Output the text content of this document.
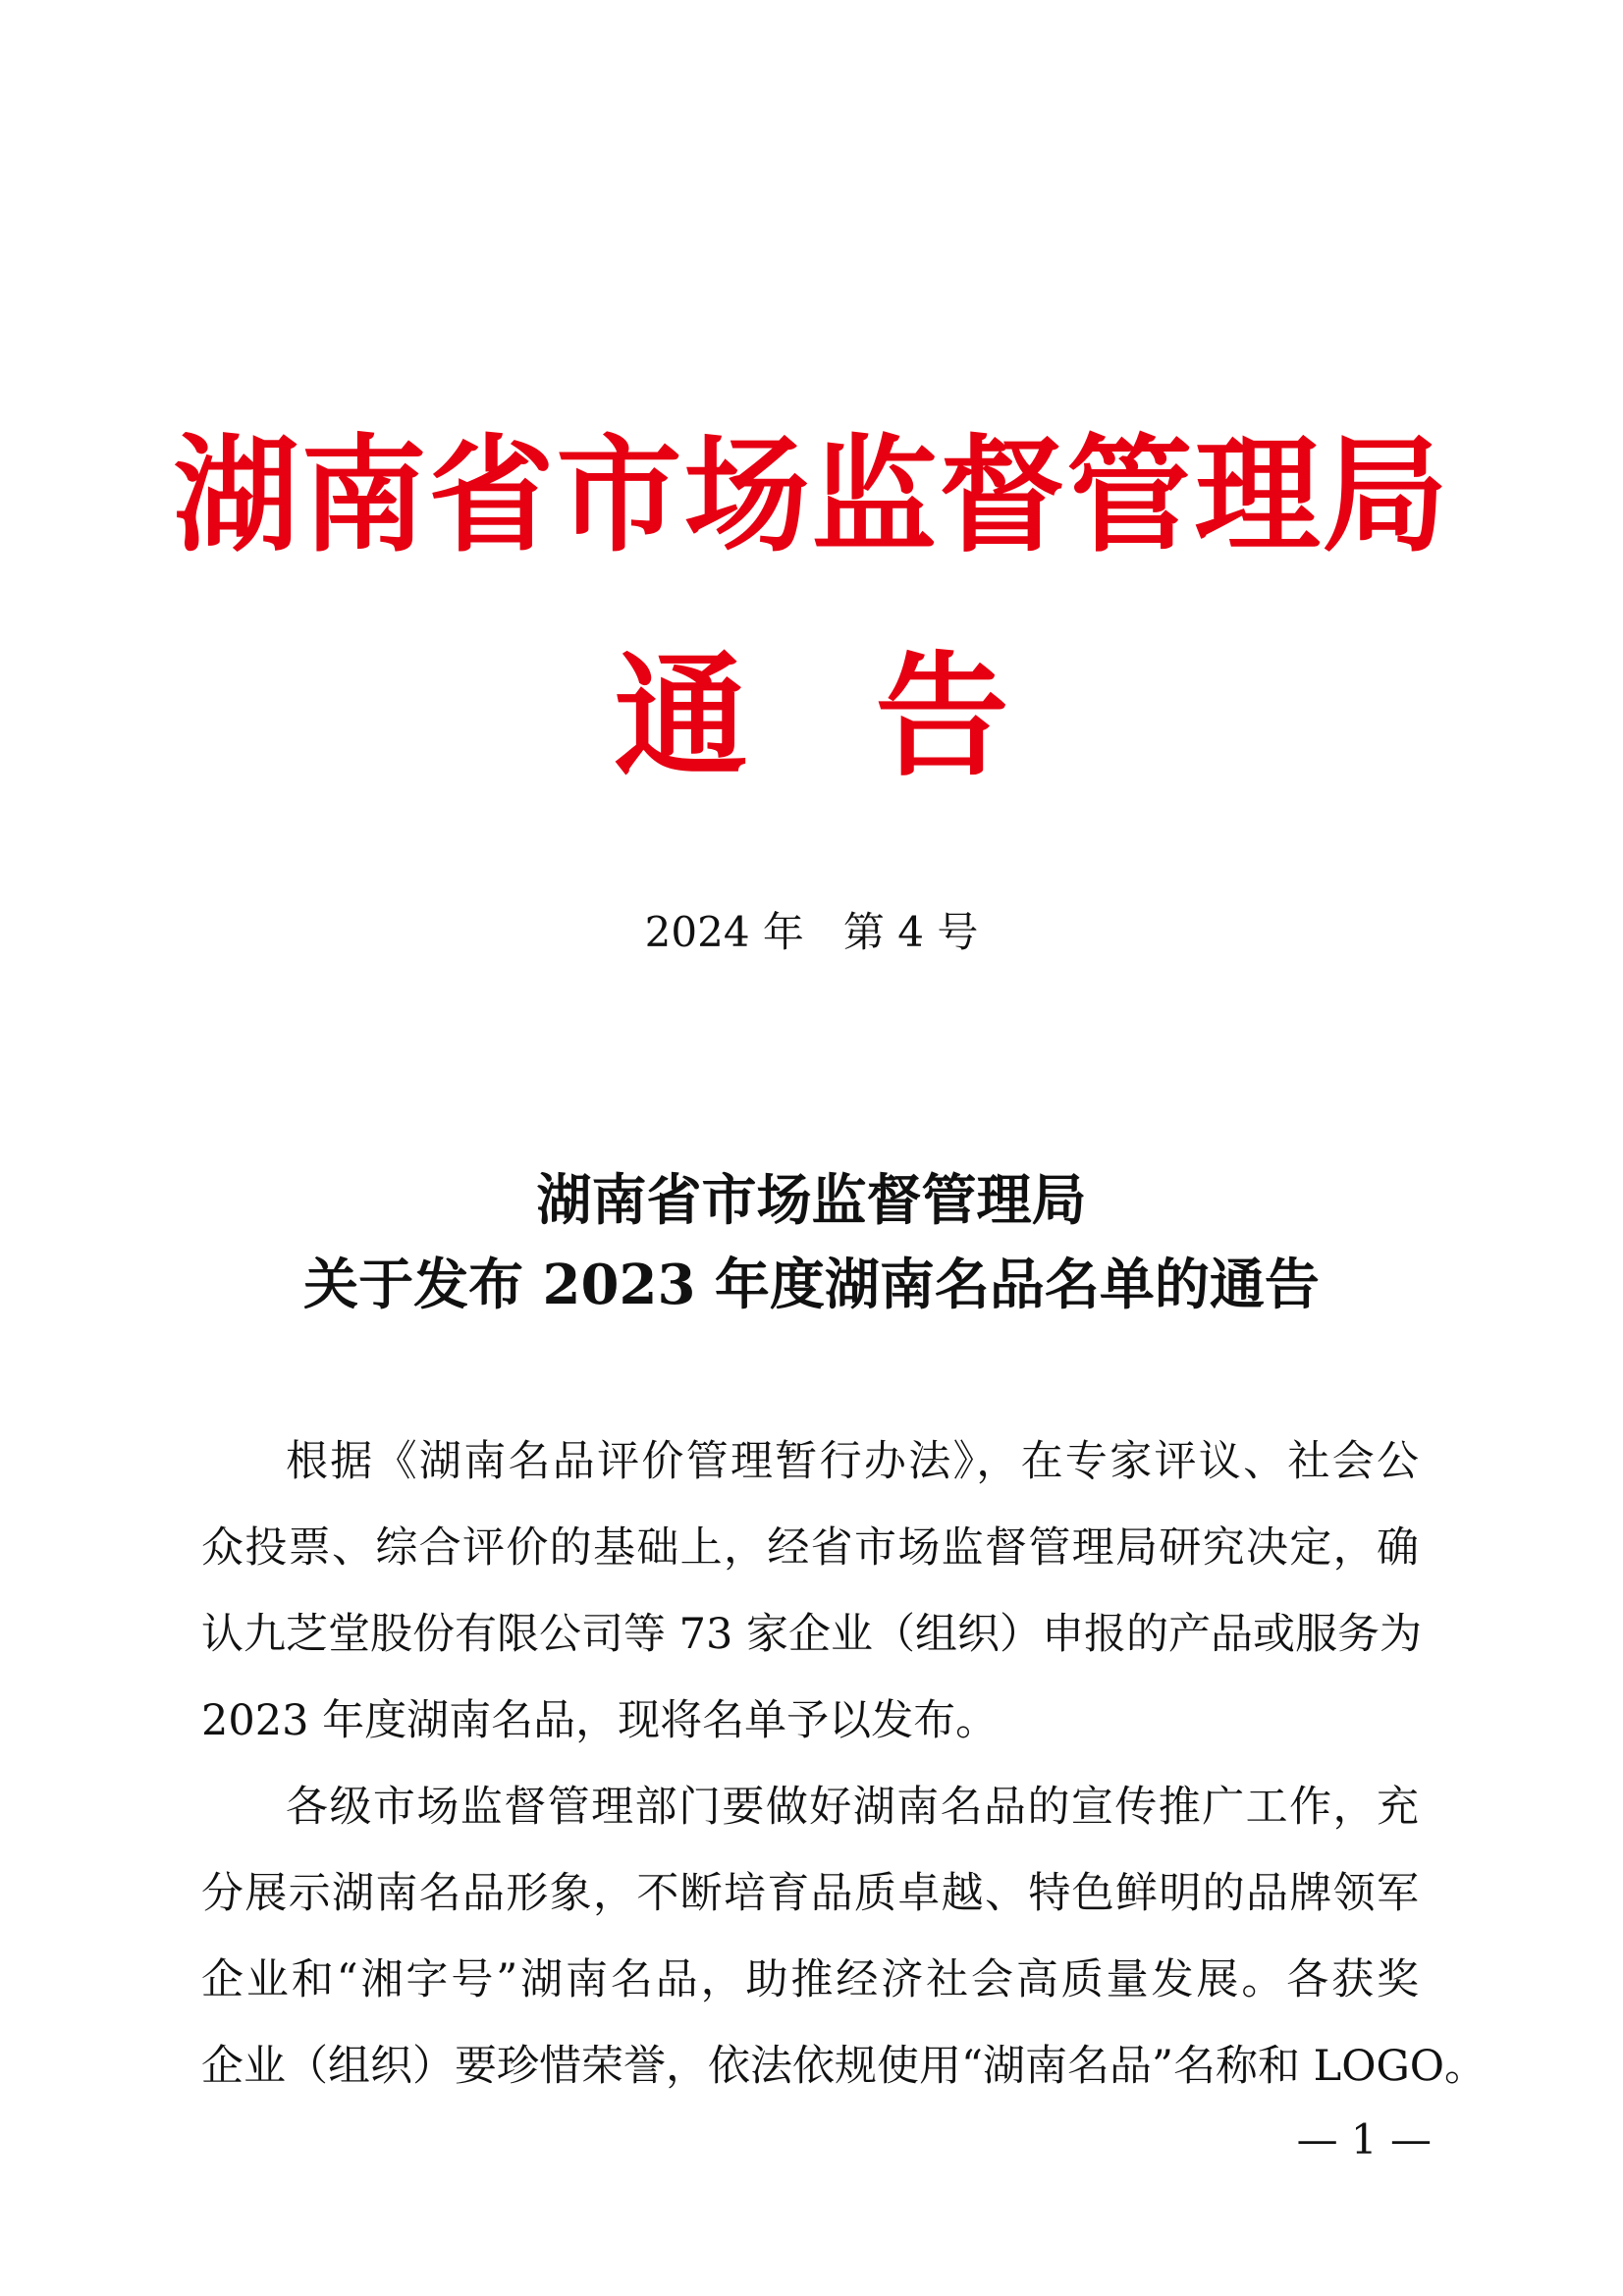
湖南省市场监督管理局
通 告
2024 年 第 4 号
湖南省市场监督管理局
关于发布 2023 年度湖南名品名单的通告
根据《湖南名品评价管理暂行办法》，在专家评议、社会公
众投票、综合评价的基础上，经省市场监督管理局研究决定，确
认九芝堂股份有限公司等 73 家企业（组织）申报的产品或服务为
2023 年度湖南名品，现将名单予以发布。
各级市场监督管理部门要做好湖南名品的宣传推广工作，充
分展示湖南名品形象，不断培育品质卓越、特色鲜明的品牌领军
企业和“湘字号”湖南名品，助推经济社会高质量发展。各获奖
企业（组织）要珍惜荣誉，依法依规使用“湖南名品”名称和 LOGO。
— 1 —
